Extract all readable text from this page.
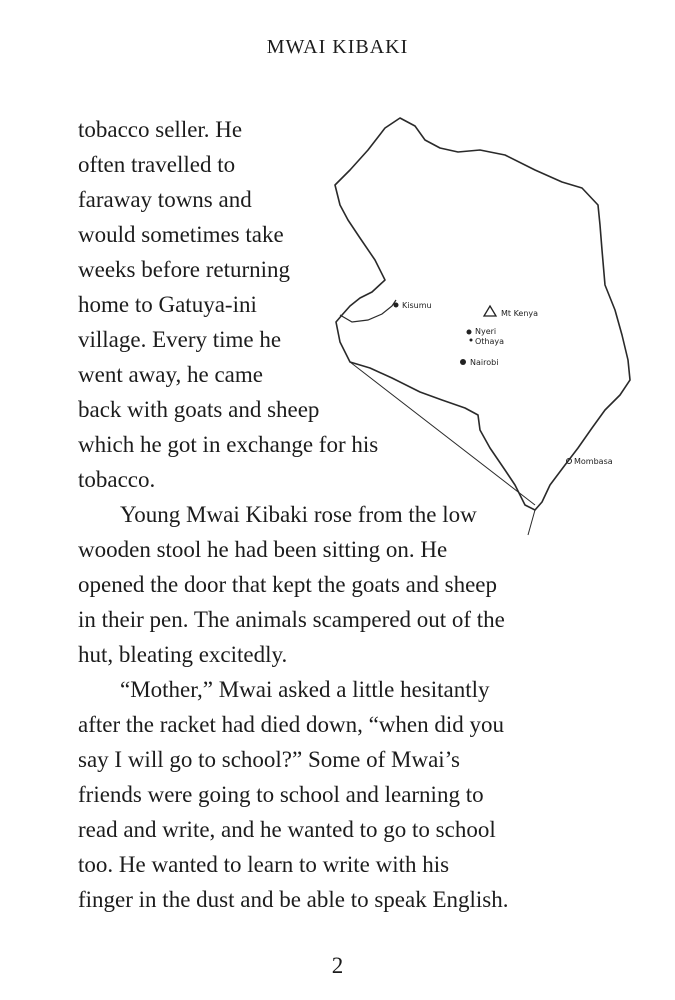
MWAI KIBAKI
Kisumu
Mt Kenya
Nyeri
Othaya
Nairobi
Mombasa
tobacco seller. He
often travelled to
faraway towns and
would sometimes take
weeks before returning
home to Gatuya-ini
village. Every time he
went away, he came
back with goats and sheep
which he got in exchange for his
tobacco.
Young Mwai Kibaki rose from the low
wooden stool he had been sitting on. He
opened the door that kept the goats and sheep
in their pen. The animals scampered out of the
hut, bleating excitedly.
“Mother,” Mwai asked a little hesitantly
after the racket had died down, “when did you
say I will go to school?” Some of Mwai’s
friends were going to school and learning to
read and write, and he wanted to go to school
too. He wanted to learn to write with his
finger in the dust and be able to speak English.
2
